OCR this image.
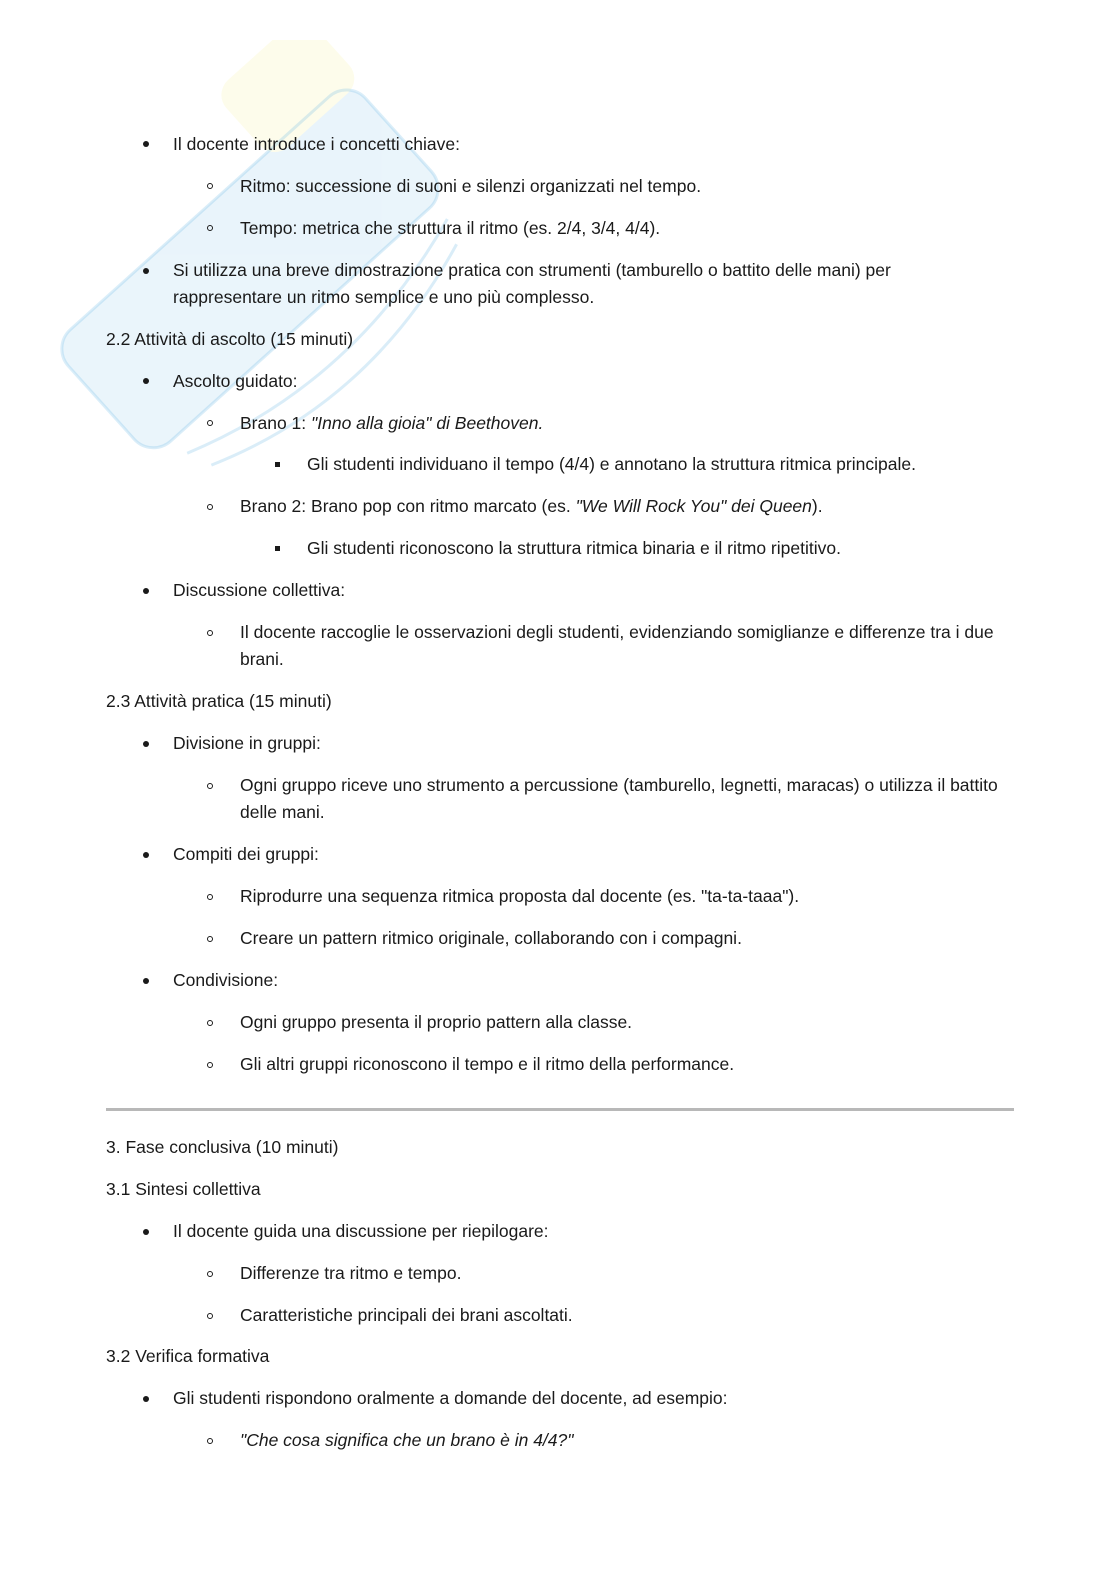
Il docente introduce i concetti chiave:
Ritmo: successione di suoni e silenzi organizzati nel tempo.
Tempo: metrica che struttura il ritmo (es. 2/4, 3/4, 4/4).
Si utilizza una breve dimostrazione pratica con strumenti (tamburello o battito delle mani) per rappresentare un ritmo semplice e uno più complesso.
2.2 Attività di ascolto (15 minuti)
Ascolto guidato:
Brano 1: "Inno alla gioia" di Beethoven.
Gli studenti individuano il tempo (4/4) e annotano la struttura ritmica principale.
Brano 2: Brano pop con ritmo marcato (es. "We Will Rock You" dei Queen).
Gli studenti riconoscono la struttura ritmica binaria e il ritmo ripetitivo.
Discussione collettiva:
Il docente raccoglie le osservazioni degli studenti, evidenziando somiglianze e differenze tra i due brani.
2.3 Attività pratica (15 minuti)
Divisione in gruppi:
Ogni gruppo riceve uno strumento a percussione (tamburello, legnetti, maracas) o utilizza il battito delle mani.
Compiti dei gruppi:
Riprodurre una sequenza ritmica proposta dal docente (es. "ta-ta-taaa").
Creare un pattern ritmico originale, collaborando con i compagni.
Condivisione:
Ogni gruppo presenta il proprio pattern alla classe.
Gli altri gruppi riconoscono il tempo e il ritmo della performance.
3. Fase conclusiva (10 minuti)
3.1 Sintesi collettiva
Il docente guida una discussione per riepilogare:
Differenze tra ritmo e tempo.
Caratteristiche principali dei brani ascoltati.
3.2 Verifica formativa
Gli studenti rispondono oralmente a domande del docente, ad esempio:
"Che cosa significa che un brano è in 4/4?"
